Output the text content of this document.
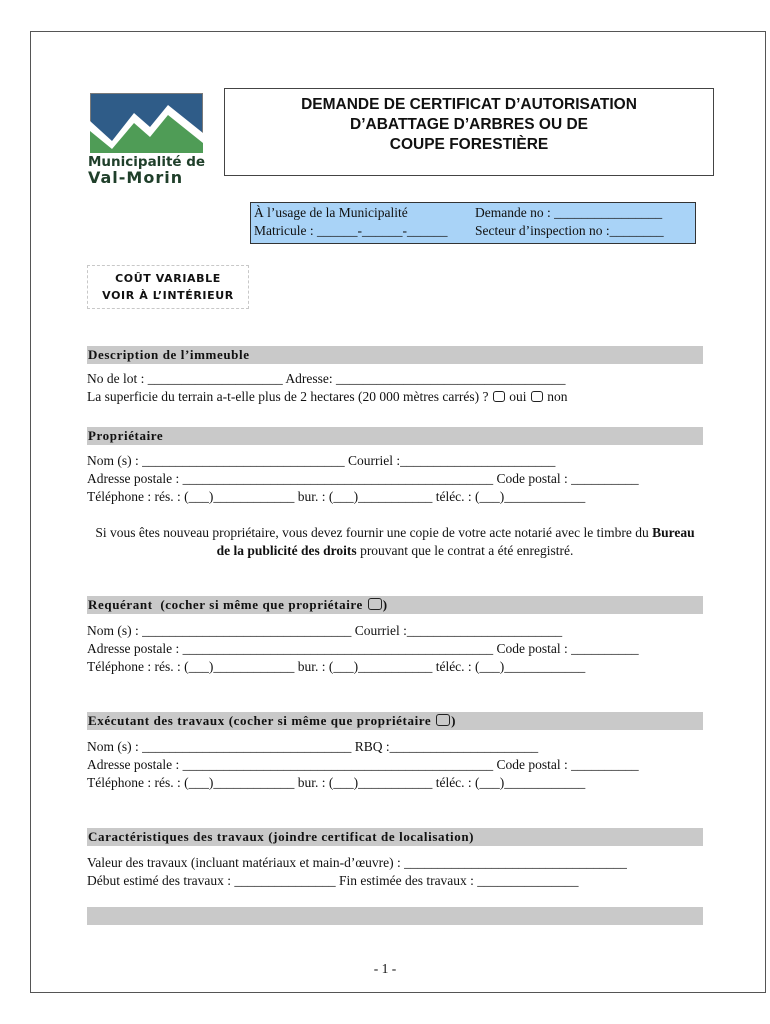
Municipalité de
Val-Morin
DEMANDE DE CERTIFICAT D’AUTORISATION
D’ABATTAGE D’ARBRES OU DE
COUPE FORESTIÈRE
À l’usage de la Municipalité	Demande no : ________________
Matricule : ______-______-______ Secteur d’inspection no :________
COÛT VARIABLE
VOIR À L’INTÉRIEUR
Description de l’immeuble
No de lot : ____________________ Adresse: __________________________________
La superficie du terrain a-t-elle plus de 2 hectares (20 000 mètres carrés) ?  oui non
Propriétaire
Nom (s) : ______________________________ Courriel :_______________________
Adresse postale : ______________________________________________ Code postal : __________
Téléphone : rés. : (___)____________ bur. : (___)___________ téléc. : (___)____________
Si vous êtes nouveau propriétaire, vous devez fournir une copie de votre acte notarié avec le timbre du Bureau de la publicité des droits prouvant que le contrat a été enregistré.
Requérant (cocher si même que propriétaire )
Nom (s) : _______________________________ Courriel :_______________________
Adresse postale : ______________________________________________ Code postal : __________
Téléphone : rés. : (___)____________ bur. : (___)___________ téléc. : (___)____________
Exécutant des travaux (cocher si même que propriétaire )
Nom (s) : _______________________________ RBQ :______________________
Adresse postale : ______________________________________________ Code postal : __________
Téléphone : rés. : (___)____________ bur. : (___)___________ téléc. : (___)____________
Caractéristiques des travaux (joindre certificat de localisation)
Valeur des travaux (incluant matériaux et main-d’œuvre) : _________________________________
Début estimé des travaux : _______________ Fin estimée des travaux : _______________
- 1 -
